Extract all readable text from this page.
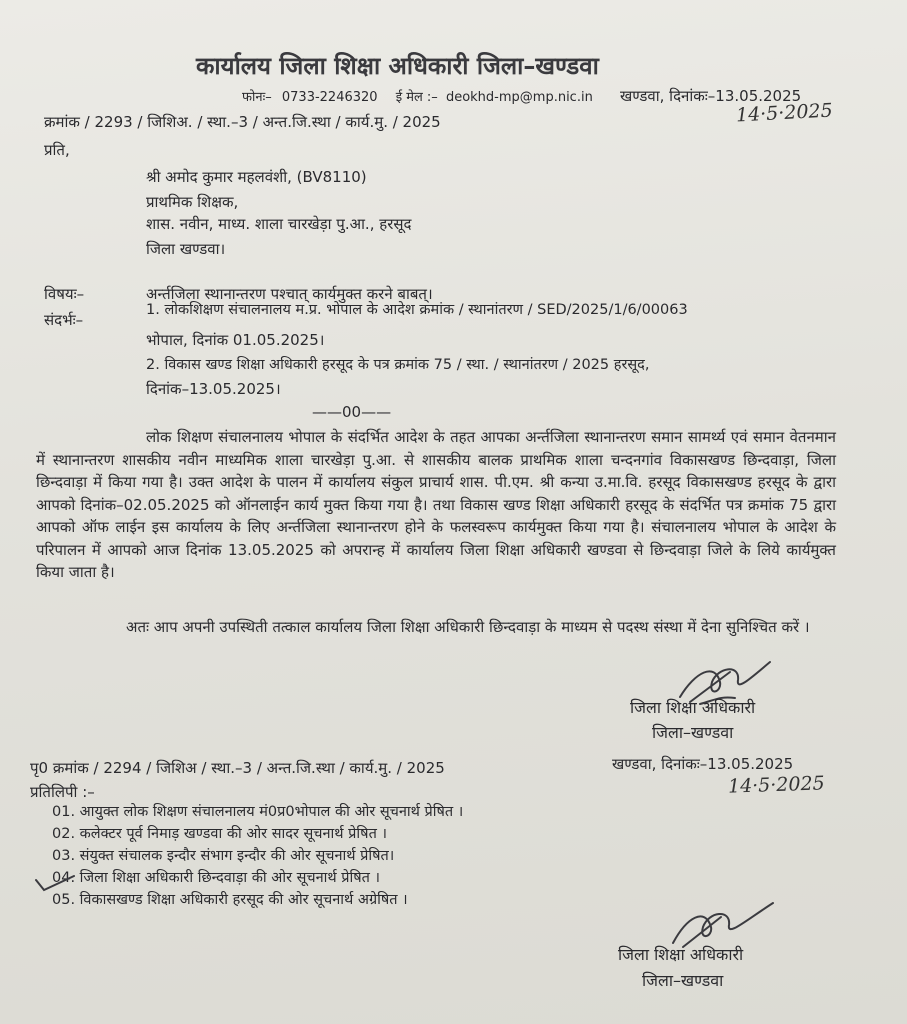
कार्यालय जिला शिक्षा अधिकारी जिला–खण्डवा
फोनः– 0733-2246320 ई मेल :– deokhd-mp@mp.nic.in खण्डवा, दिनांकः–13.05.2025
14·5·2025
क्रमांक / 2293 / जिशिअ. / स्था.–3 / अन्त.जि.स्था / कार्य.मु. / 2025
प्रति,
श्री अमोद कुमार महलवंशी, (BV8110)
प्राथमिक शिक्षक,
शास. नवीन, माध्य. शाला चारखेड़ा पु.आ., हरसूद
जिला खण्डवा।
विषयः–	अर्न्तजिला स्थानान्तरण पश्चात् कार्यमुक्त करने बाबत्।
संदर्भः–
1. लोकशिक्षण संचालनालय म.प्र. भोपाल के आदेश क्रमांक / स्थानांतरण / SED/2025/1/6/00063
भोपाल, दिनांक 01.05.2025।
2. विकास खण्ड शिक्षा अधिकारी हरसूद के पत्र क्रमांक 75 / स्था. / स्थानांतरण / 2025 हरसूद,
दिनांक–13.05.2025।
——00——
लोक शिक्षण संचालनालय भोपाल के संदर्भित आदेश के तहत आपका अर्न्तजिला स्थानान्तरण समान सामर्थ्य एवं समान वेतनमान में स्थानान्तरण शासकीय नवीन माध्यमिक शाला चारखेड़ा पु.आ. से शासकीय बालक प्राथमिक शाला चन्दनगांव विकासखण्ड छिन्दवाड़ा, जिला छिन्दवाड़ा में किया गया है। उक्त आदेश के पालन में कार्यालय संकुल प्राचार्य शास. पी.एम. श्री कन्या उ.मा.वि. हरसूद विकासखण्ड हरसूद के द्वारा आपको दिनांक–02.05.2025 को ऑनलाईन कार्य मुक्त किया गया है। तथा विकास खण्ड शिक्षा अधिकारी हरसूद के संदर्भित पत्र क्रमांक 75 द्वारा आपको ऑफ लाईन इस कार्यालय के लिए अर्न्तजिला स्थानान्तरण होने के फलस्वरूप कार्यमुक्त किया गया है। संचालनालय भोपाल के आदेश के परिपालन में आपको आज दिनांक 13.05.2025 को अपरान्ह में कार्यालय जिला शिक्षा अधिकारी खण्डवा से छिन्दवाड़ा जिले के लिये कार्यमुक्त किया जाता है।
अतः आप अपनी उपस्थिती तत्काल कार्यालय जिला शिक्षा अधिकारी छिन्दवाड़ा के माध्यम से पदस्थ संस्था में देना सुनिश्चित करें ।
जिला शिक्षा अधिकारी
जिला–खण्डवा
पृ0 क्रमांक / 2294 / जिशिअ / स्था.–3 / अन्त.जि.स्था / कार्य.मु. / 2025	खण्डवा, दिनांकः–13.05.2025
14·5·2025
प्रतिलिपी :–
01. आयुक्त लोक शिक्षण संचालनालय मं0प्र0भोपाल की ओर सूचनार्थ प्रेषित ।
02. कलेक्टर पूर्व निमाड़ खण्डवा की ओर सादर सूचनार्थ प्रेषित ।
03. संयुक्त संचालक इन्दौर संभाग इन्दौर की ओर सूचनार्थ प्रेषित।
04. जिला शिक्षा अधिकारी छिन्दवाड़ा की ओर सूचनार्थ प्रेषित ।
05. विकासखण्ड शिक्षा अधिकारी हरसूद की ओर सूचनार्थ अग्रेषित ।
जिला शिक्षा अधिकारी
जिला–खण्डवा
